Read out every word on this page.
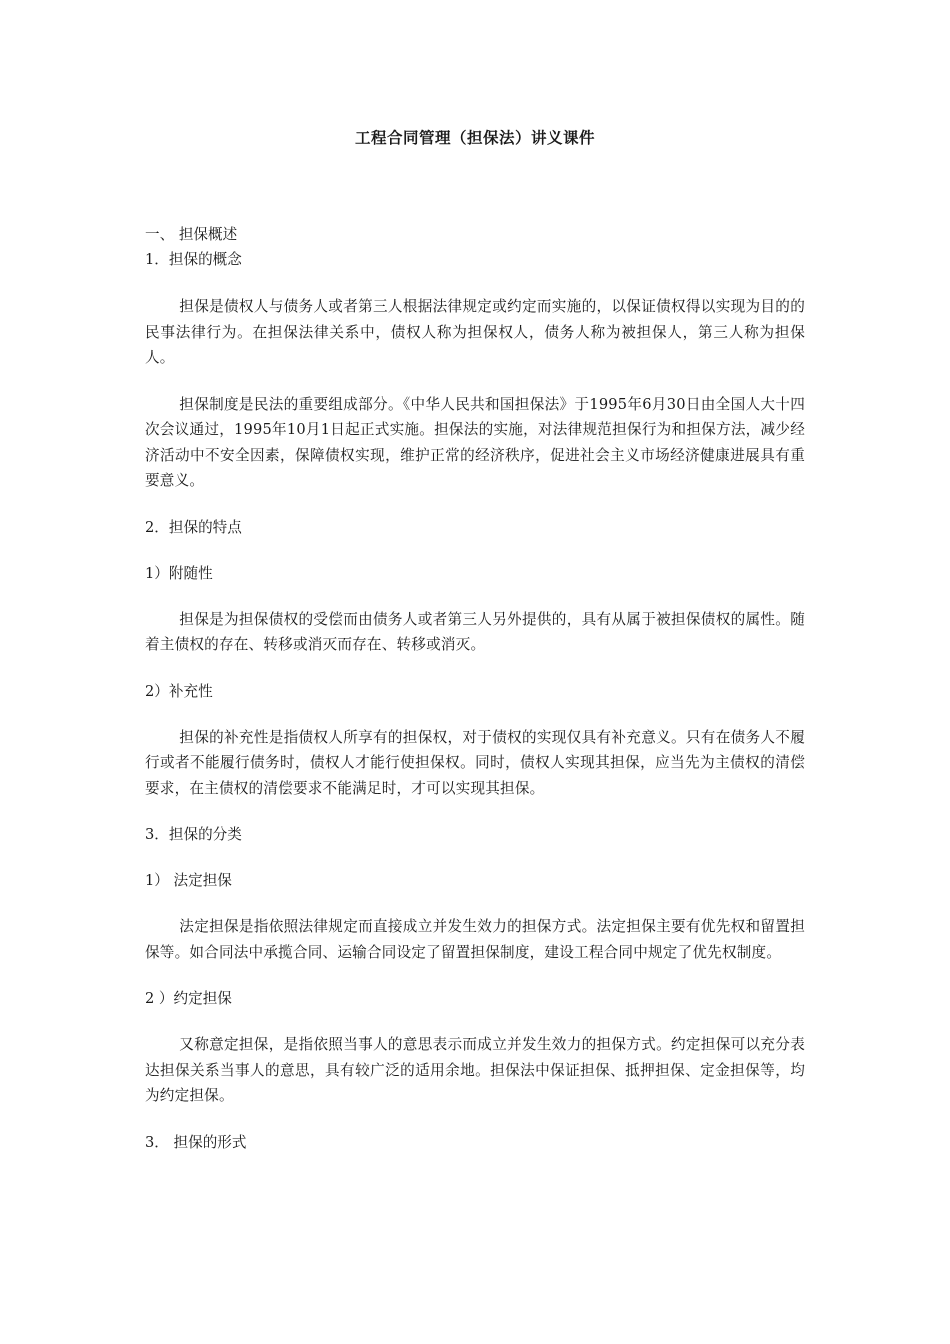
工程合同管理（担保法）讲义课件

一、 担保概述

1．担保的概念

担保是债权人与债务人或者第三人根据法律规定或约定而实施的，以保证债权得以实现为目的的民事法律行为。在担保法律关系中，债权人称为担保权人，债务人称为被担保人，第三人称为担保人。

担保制度是民法的重要组成部分。《中华人民共和国担保法》于1995年6月30日由全国人大十四次会议通过，1995年10月1日起正式实施。担保法的实施，对法律规范担保行为和担保方法，减少经济活动中不安全因素，保障债权实现，维护正常的经济秩序，促进社会主义市场经济健康进展具有重要意义。

2．担保的特点

1）附随性

担保是为担保债权的受偿而由债务人或者第三人另外提供的，具有从属于被担保债权的属性。随着主债权的存在、转移或消灭而存在、转移或消灭。

2）补充性

担保的补充性是指债权人所享有的担保权，对于债权的实现仅具有补充意义。只有在债务人不履行或者不能履行债务时，债权人才能行使担保权。同时，债权人实现其担保，应当先为主债权的清偿要求，在主债权的清偿要求不能满足时，才可以实现其担保。

3．担保的分类

1） 法定担保

法定担保是指依照法律规定而直接成立并发生效力的担保方式。法定担保主要有优先权和留置担保等。如合同法中承揽合同、运输合同设定了留置担保制度，建设工程合同中规定了优先权制度。

2 ）约定担保

又称意定担保，是指依照当事人的意思表示而成立并发生效力的担保方式。约定担保可以充分表达担保关系当事人的意思，具有较广泛的适用余地。担保法中保证担保、抵押担保、定金担保等，均为约定担保。

3． 担保的形式
